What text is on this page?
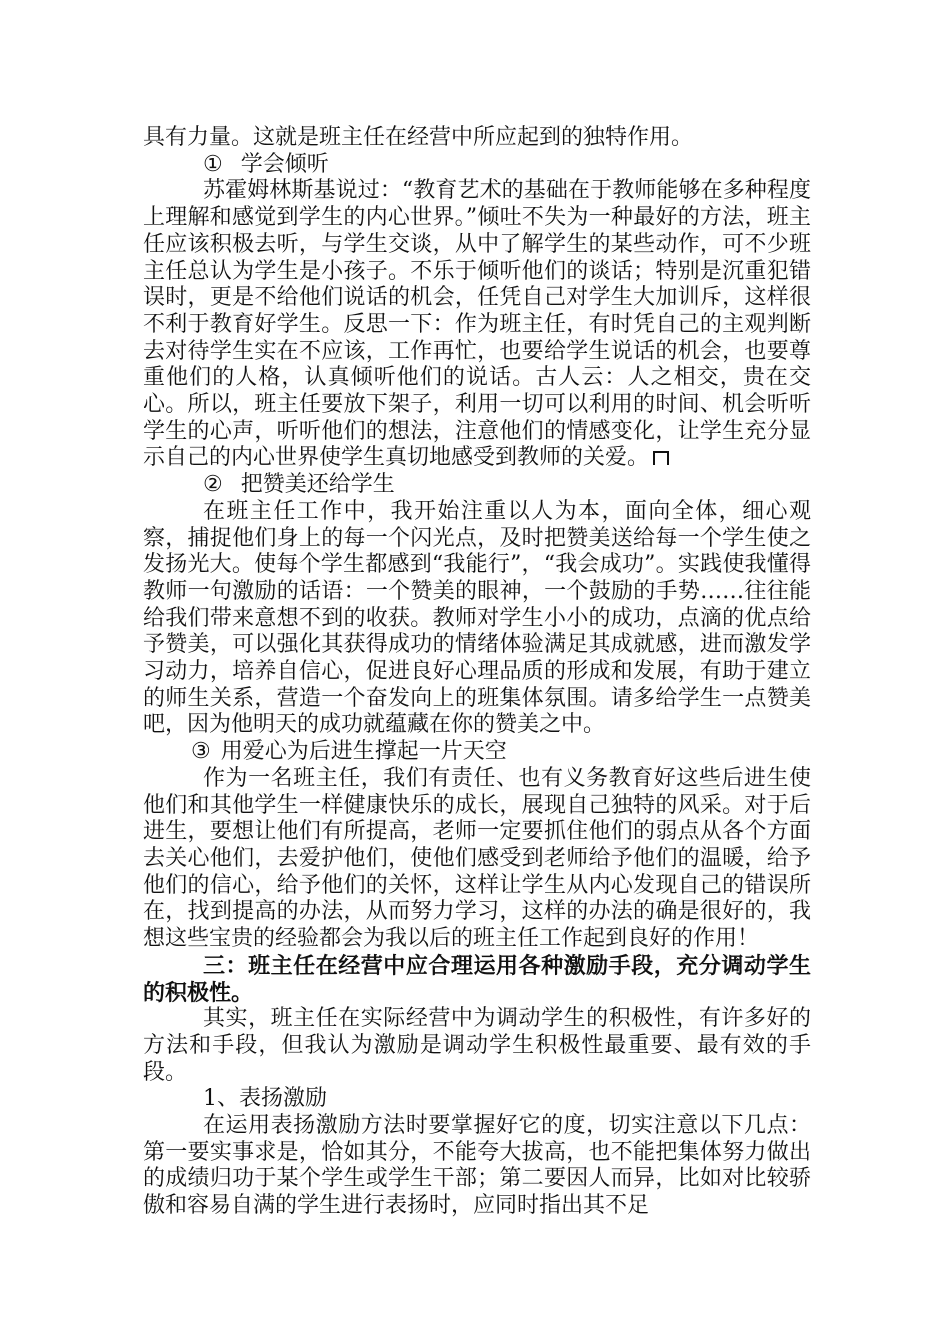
具有力量。这就是班主任在经营中所应起到的独特作用。

① 学会倾听

苏霍姆林斯基说过：“教育艺术的基础在于教师能够在多种程度上理解和感觉到学生的内心世界。”倾吐不失为一种最好的方法，班主任应该积极去听，与学生交谈，从中了解学生的某些动作，可不少班主任总认为学生是小孩子。不乐于倾听他们的谈话；特别是沉重犯错误时，更是不给他们说话的机会，任凭自己对学生大加训斥，这样很不利于教育好学生。反思一下：作为班主任，有时凭自己的主观判断去对待学生实在不应该，工作再忙，也要给学生说话的机会，也要尊重他们的人格，认真倾听他们的说话。古人云：人之相交，贵在交心。所以，班主任要放下架子，利用一切可以利用的时间、机会听听学生的心声，听听他们的想法，注意他们的情感变化，让学生充分显示自己的内心世界使学生真切地感受到教师的关爱。

② 把赞美还给学生

在班主任工作中，我开始注重以人为本，面向全体，细心观察，捕捉他们身上的每一个闪光点，及时把赞美送给每一个学生使之发扬光大。使每个学生都感到“我能行”，“我会成功”。实践使我懂得教师一句激励的话语：一个赞美的眼神，一个鼓励的手势……往往能给我们带来意想不到的收获。教师对学生小小的成功，点滴的优点给予赞美，可以强化其获得成功的情绪体验满足其成就感，进而激发学习动力，培养自信心，促进良好心理品质的形成和发展，有助于建立的师生关系，营造一个奋发向上的班集体氛围。请多给学生一点赞美吧，因为他明天的成功就蕴藏在你的赞美之中。

③ 用爱心为后进生撑起一片天空

作为一名班主任，我们有责任、也有义务教育好这些后进生使他们和其他学生一样健康快乐的成长，展现自己独特的风采。对于后进生，要想让他们有所提高，老师一定要抓住他们的弱点从各个方面去关心他们，去爱护他们，使他们感受到老师给予他们的温暖，给予他们的信心，给予他们的关怀，这样让学生从内心发现自己的错误所在，找到提高的办法，从而努力学习，这样的办法的确是很好的，我想这些宝贵的经验都会为我以后的班主任工作起到良好的作用！

三：班主任在经营中应合理运用各种激励手段，充分调动学生的积极性。

其实，班主任在实际经营中为调动学生的积极性，有许多好的方法和手段，但我认为激励是调动学生积极性最重要、最有效的手段。

1、表扬激励

在运用表扬激励方法时要掌握好它的度，切实注意以下几点：第一要实事求是，恰如其分，不能夸大拔高，也不能把集体努力做出的成绩归功于某个学生或学生干部；第二要因人而异，比如对比较骄傲和容易自满的学生进行表扬时，应同时指出其不足
